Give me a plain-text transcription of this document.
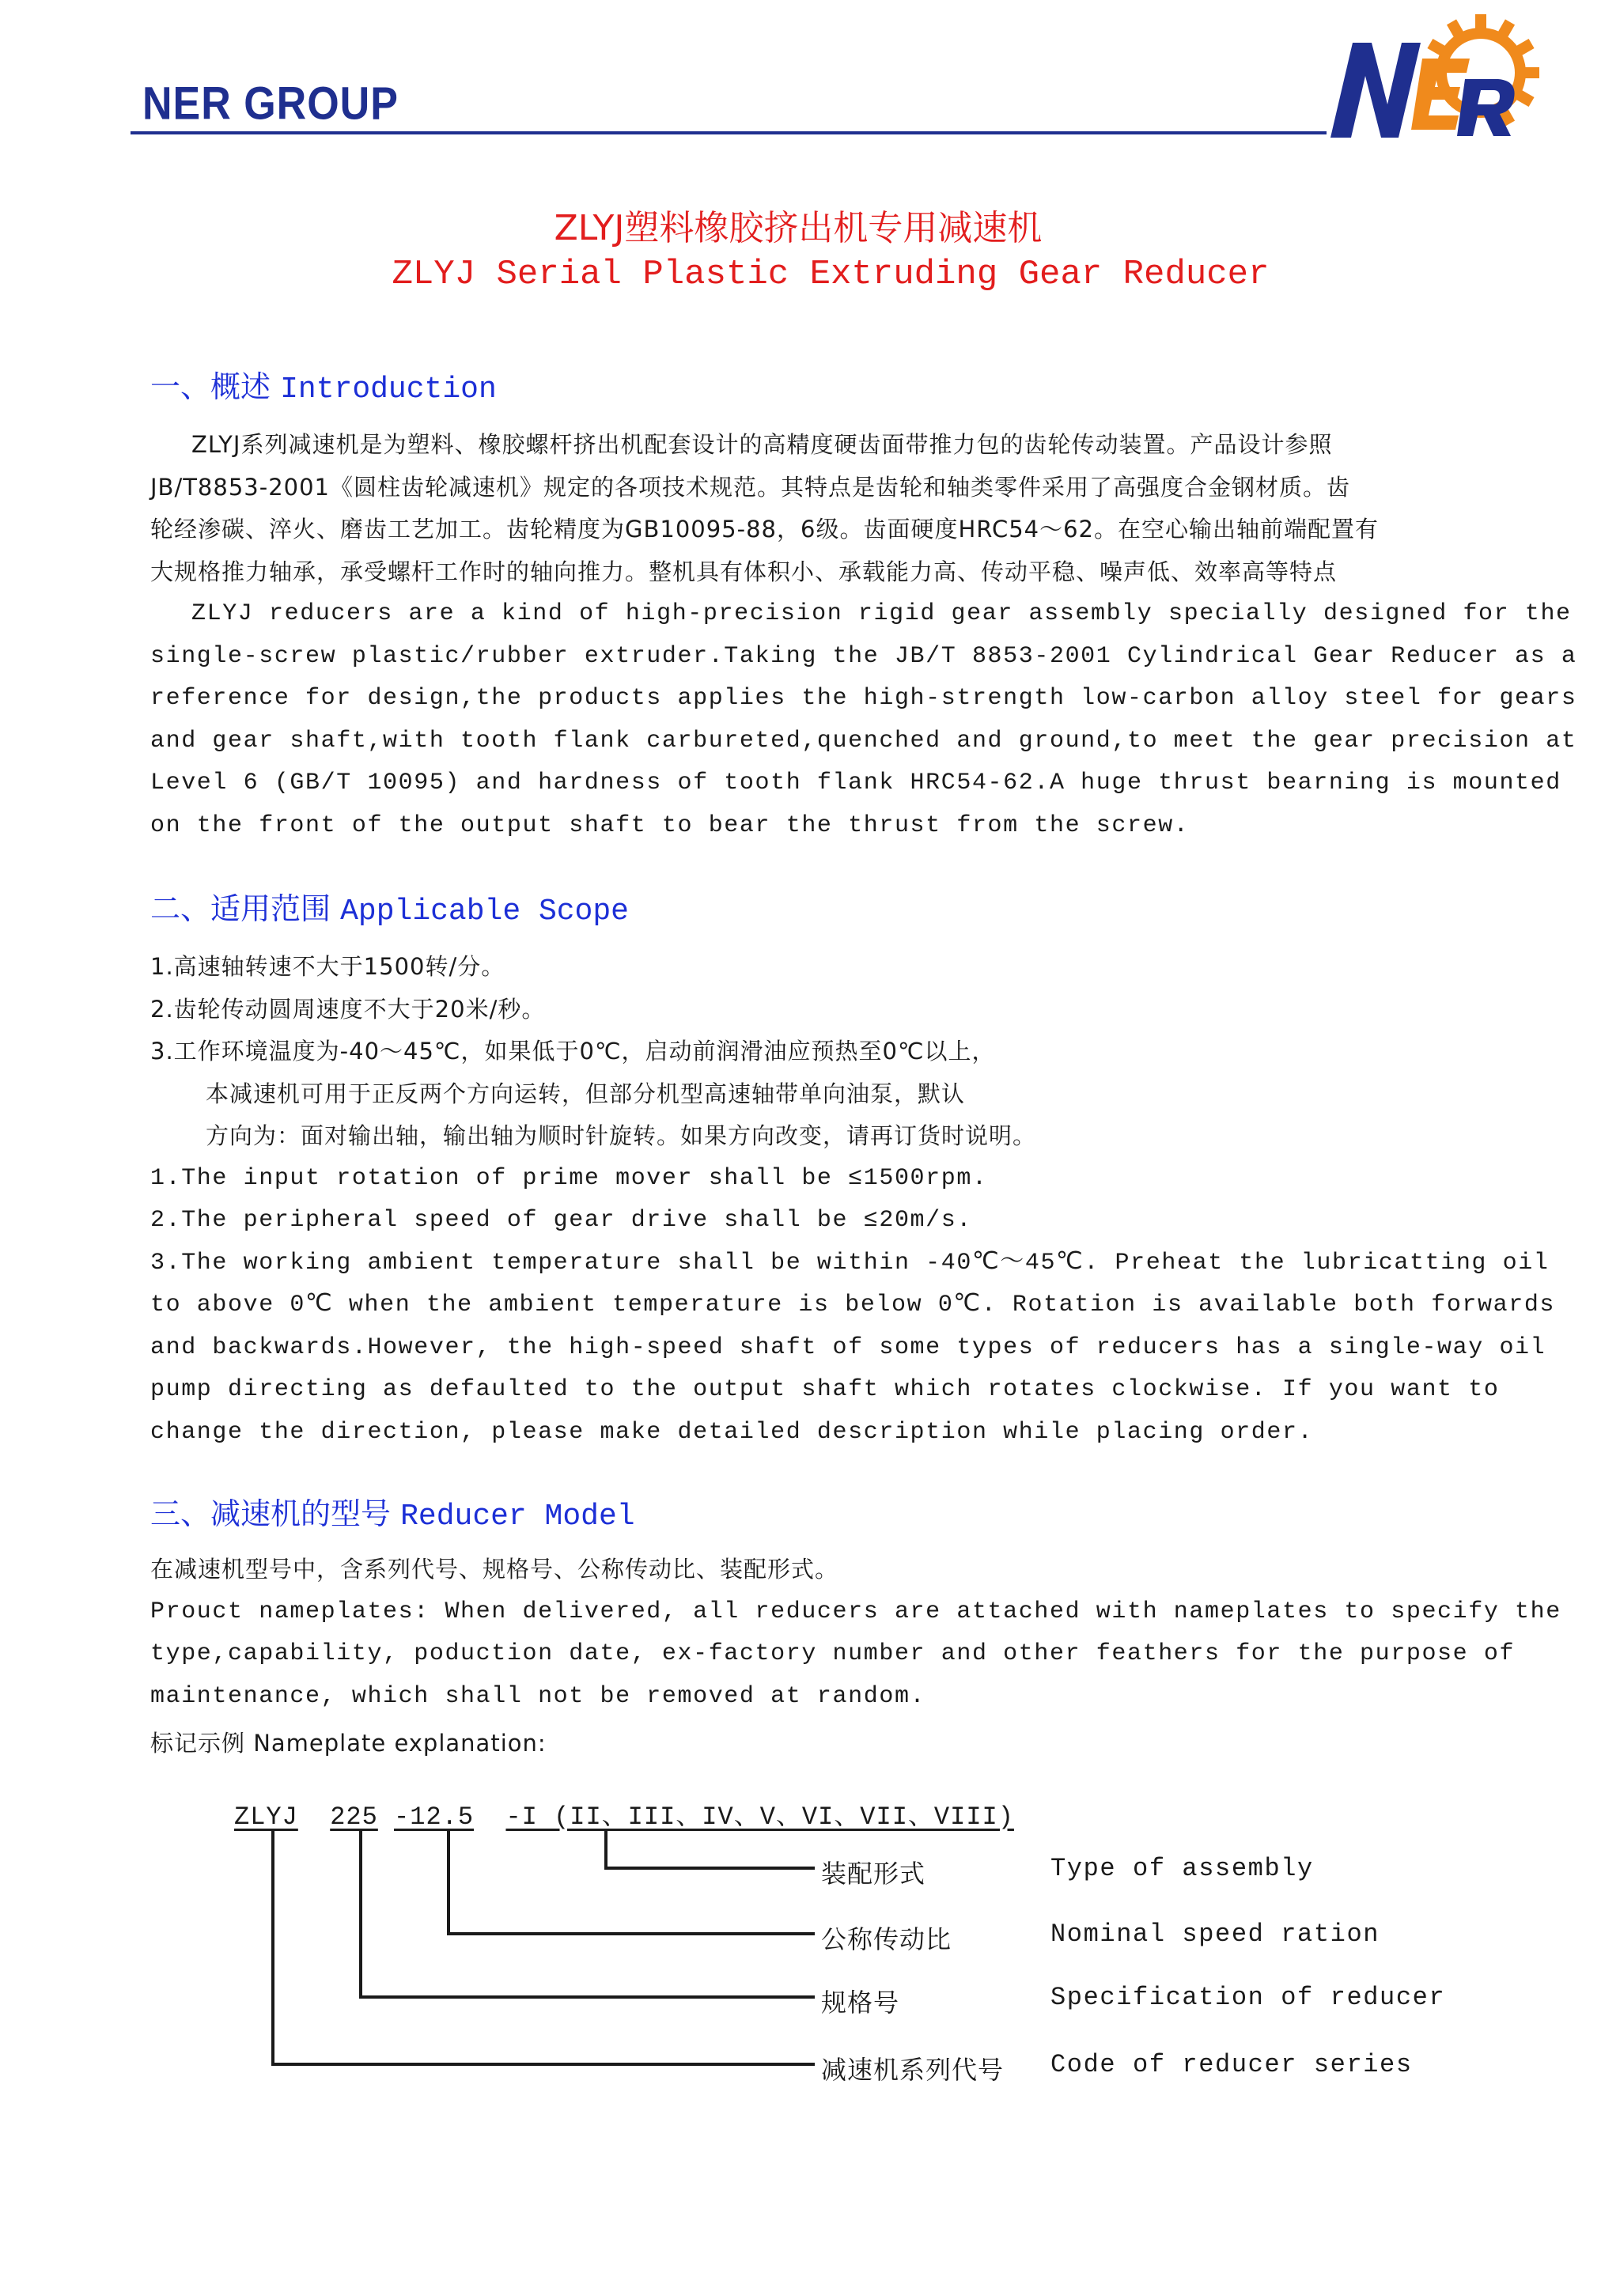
NER GROUP
ZLYJ塑料橡胶挤出机专用减速机
ZLYJ Serial Plastic Extruding Gear Reducer
一、概述 Introduction
ZLYJ系列减速机是为塑料、橡胶螺杆挤出机配套设计的高精度硬齿面带推力包的齿轮传动装置。产品设计参照
JB/T8853-2001《圆柱齿轮减速机》规定的各项技术规范。其特点是齿轮和轴类零件采用了高强度合金钢材质。齿
轮经渗碳、淬火、磨齿工艺加工。齿轮精度为GB10095-88，6级。齿面硬度HRC54～62。在空心输出轴前端配置有
大规格推力轴承，承受螺杆工作时的轴向推力。整机具有体积小、承载能力高、传动平稳、噪声低、效率高等特点
ZLYJ reducers are a kind of high-precision rigid gear assembly specially designed for the
single-screw plastic/rubber extruder.Taking the JB/T 8853-2001 Cylindrical Gear Reducer as a
reference for design,the products applies the high-strength low-carbon alloy steel for gears
and gear shaft,with tooth flank carbureted,quenched and ground,to meet the gear precision at
Level 6 (GB/T 10095) and hardness of tooth flank HRC54-62.A huge thrust bearning is mounted
on the front of the output shaft to bear the thrust from the screw.
二、适用范围 Applicable Scope
1.高速轴转速不大于1500转/分。
2.齿轮传动圆周速度不大于20米/秒。
3.工作环境温度为-40～45℃，如果低于0℃，启动前润滑油应预热至0℃以上，
本减速机可用于正反两个方向运转，但部分机型高速轴带单向油泵，默认
方向为：面对输出轴，输出轴为顺时针旋转。如果方向改变，请再订货时说明。
1.The input rotation of prime mover shall be ≤1500rpm.
2.The peripheral speed of gear drive shall be ≤20m/s.
3.The working ambient temperature shall be within -40℃～45℃. Preheat the lubricatting oil
to above 0℃ when the ambient temperature is below 0℃. Rotation is available both forwards
and backwards.However, the high-speed shaft of some types of reducers has a single-way oil
pump directing as defaulted to the output shaft which rotates clockwise. If you want to
change the direction, please make detailed description while placing order.
三、减速机的型号 Reducer Model
在减速机型号中，含系列代号、规格号、公称传动比、装配形式。
Prouct nameplates: When delivered, all reducers are attached with nameplates to specify the
type,capability, poduction date, ex-factory number and other feathers for the purpose of
maintenance, which shall not be removed at random.
标记示例 Nameplate explanation:
ZLYJ 225 -12.5 -I (II、III、IV、V、VI、VII、VIII)
装配形式	Type of assembly
公称传动比	Nominal speed ration
规格号	Specification of reducer
减速机系列代号 Code of reducer series
